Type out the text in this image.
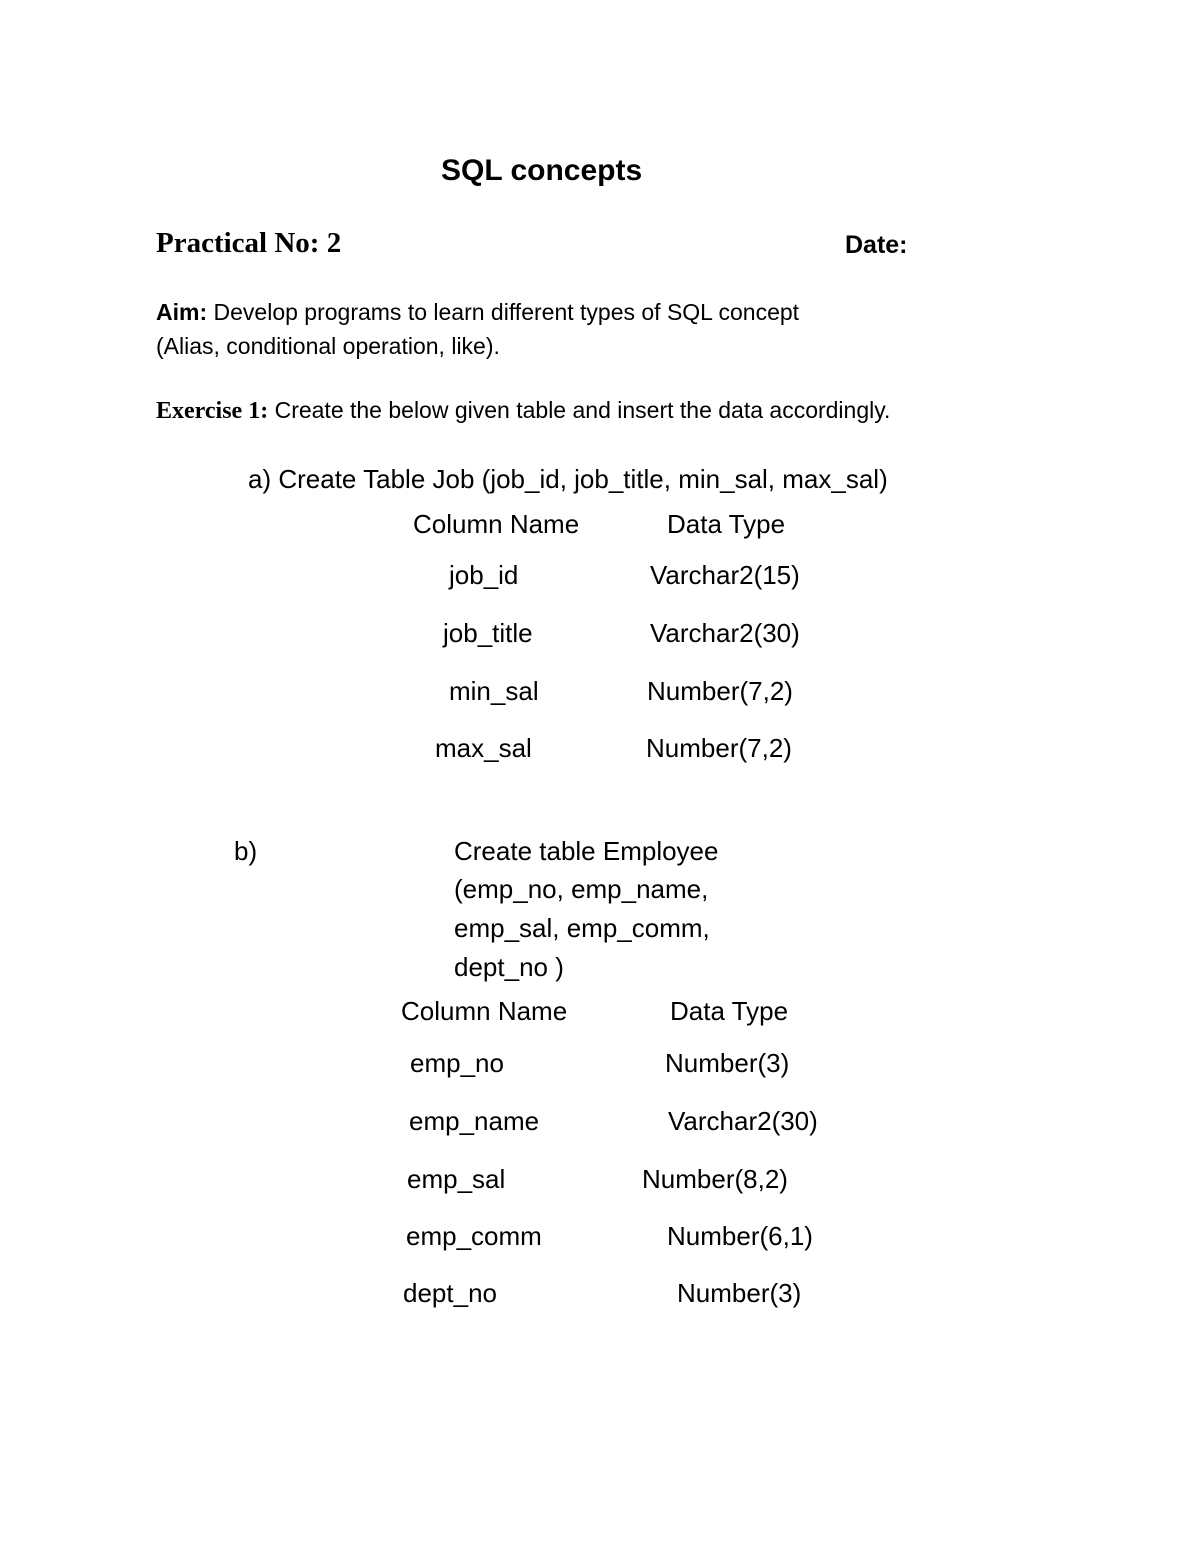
SQL concepts
Practical No: 2	Date:
Aim: Develop programs to learn different types of SQL concept
(Alias, conditional operation, like).
Exercise 1: Create the below given table and insert the data accordingly.
a) Create Table Job (job_id, job_title, min_sal, max_sal)
Column Name	Data Type
job_id	Varchar2(15)
job_title	Varchar2(30)
min_sal	Number(7,2)
max_sal	Number(7,2)
b)	Create table Employee
(emp_no, emp_name,
emp_sal, emp_comm,
dept_no )
Column Name	Data Type
emp_no	Number(3)
emp_name	Varchar2(30)
emp_sal	Number(8,2)
emp_comm	Number(6,1)
dept_no	Number(3)
